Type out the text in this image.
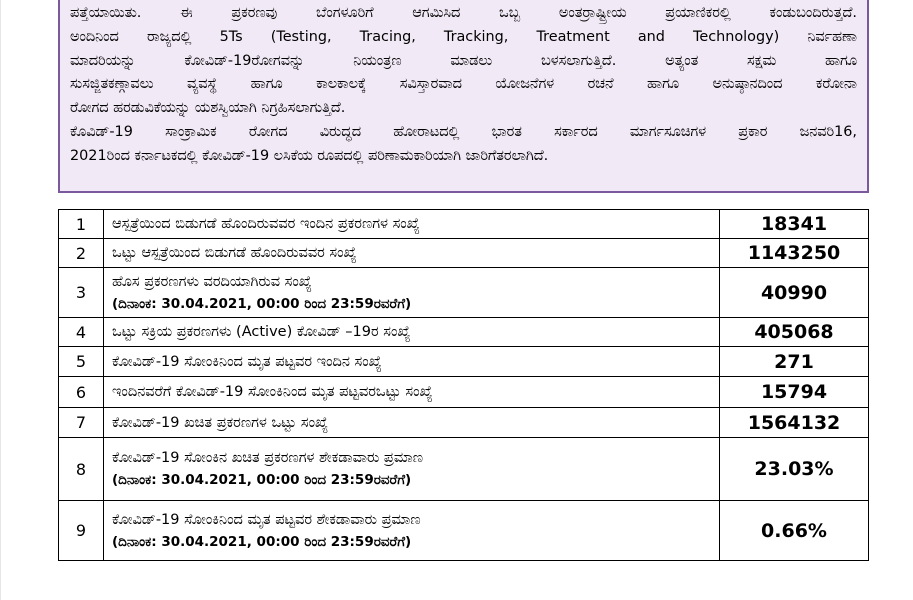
ಪತ್ತೆಯಾಯಿತು. ಈ ಪ್ರಕರಣವು ಬೆಂಗಳೂರಿಗೆ ಆಗಮಿಸಿದ ಒಬ್ಬ ಅಂತರ್ರಾಷ್ಟ್ರೀಯ ಪ್ರಯಾಣಿಕರಲ್ಲಿ ಕಂಡುಬಂದಿರುತ್ತದೆ.

ಅಂದಿನಿಂದ ರಾಜ್ಯದಲ್ಲಿ 5Ts (Testing, Tracing, Tracking, Treatment and Technology) ನಿರ್ವಹಣಾ

ಮಾದರಿಯನ್ನು ಕೋವಿಡ್-19ರೋಗವನ್ನು ನಿಯಂತ್ರಣ ಮಾಡಲು ಬಳಸಲಾಗುತ್ತಿದೆ. ಅತ್ಯಂತ ಸಕ್ಷಮ ಹಾಗೂ

ಸುಸಜ್ಜಿತಕಣ್ಗಾವಲು ವ್ಯವಸ್ಥೆ ಹಾಗೂ ಕಾಲಕಾಲಕ್ಕೆ ಸವಿಸ್ತಾರವಾದ ಯೋಜನೆಗಳ ರಚನೆ ಹಾಗೂ ಅನುಷ್ಠಾನದಿಂದ ಕರೋನಾ

ರೋಗದ ಹರಡುವಿಕೆಯನ್ನು ಯಶಸ್ವಿಯಾಗಿ ನಿಗ್ರಹಿಸಲಾಗುತ್ತಿದೆ.

ಕೊವಿಡ್-19 ಸಾಂಕ್ರಾಮಿಕ ರೋಗದ ವಿರುದ್ಧದ ಹೋರಾಟದಲ್ಲಿ ಭಾರತ ಸರ್ಕಾರದ ಮಾರ್ಗಸೂಚಿಗಳ ಪ್ರಕಾರ ಜನವರಿ16,

2021ರಿಂದ ಕರ್ನಾಟಕದಲ್ಲಿ ಕೋವಿಡ್-19 ಲಸಿಕೆಯ ರೂಪದಲ್ಲಿ ಪರಿಣಾಮಕಾರಿಯಾಗಿ ಜಾರಿಗೆತರಲಾಗಿದೆ.

1	ಆಸ್ಪತ್ರೆಯಿಂದ ಬಿಡುಗಡೆ ಹೊಂದಿರುವವರ ಇಂದಿನ ಪ್ರಕರಣಗಳ ಸಂಖ್ಯೆ	18341
2	ಒಟ್ಟು ಆಸ್ಪತ್ರೆಯಿಂದ ಬಿಡುಗಡೆ ಹೊಂದಿರುವವರ ಸಂಖ್ಯೆ	1143250
3	ಹೊಸ ಪ್ರಕರಣಗಳು ವರದಿಯಾಗಿರುವ ಸಂಖ್ಯೆ
(ದಿನಾಂಕ: 30.04.2021, 00:00 ರಿಂದ 23:59ರವರೆಗೆ)	40990
4	ಒಟ್ಟು ಸಕ್ರಿಯ ಪ್ರಕರಣಗಳು (Active) ಕೋವಿಡ್ –19ರ ಸಂಖ್ಯೆ	405068
5	ಕೋವಿಡ್-19 ಸೋಂಕಿನಿಂದ ಮೃತ ಪಟ್ಟವರ ಇಂದಿನ ಸಂಖ್ಯೆ	271
6	ಇಂದಿನವರೆಗೆ ಕೋವಿಡ್-19 ಸೋಂಕಿನಿಂದ ಮೃತ ಪಟ್ಟವರಒಟ್ಟು ಸಂಖ್ಯೆ	15794
7	ಕೋವಿಡ್-19 ಖಚಿತ ಪ್ರಕರಣಗಳ ಒಟ್ಟು ಸಂಖ್ಯೆ	1564132
8	ಕೋವಿಡ್-19 ಸೋಂಕಿನ ಖಚಿತ ಪ್ರಕರಣಗಳ ಶೇಕಡಾವಾರು ಪ್ರಮಾಣ
(ದಿನಾಂಕ: 30.04.2021, 00:00 ರಿಂದ 23:59ರವರೆಗೆ)	23.03%
9	ಕೋವಿಡ್-19 ಸೋಂಕಿನಿಂದ ಮೃತ ಪಟ್ಟವರ ಶೇಕಡಾವಾರು ಪ್ರಮಾಣ
(ದಿನಾಂಕ: 30.04.2021, 00:00 ರಿಂದ 23:59ರವರೆಗೆ)	0.66%
